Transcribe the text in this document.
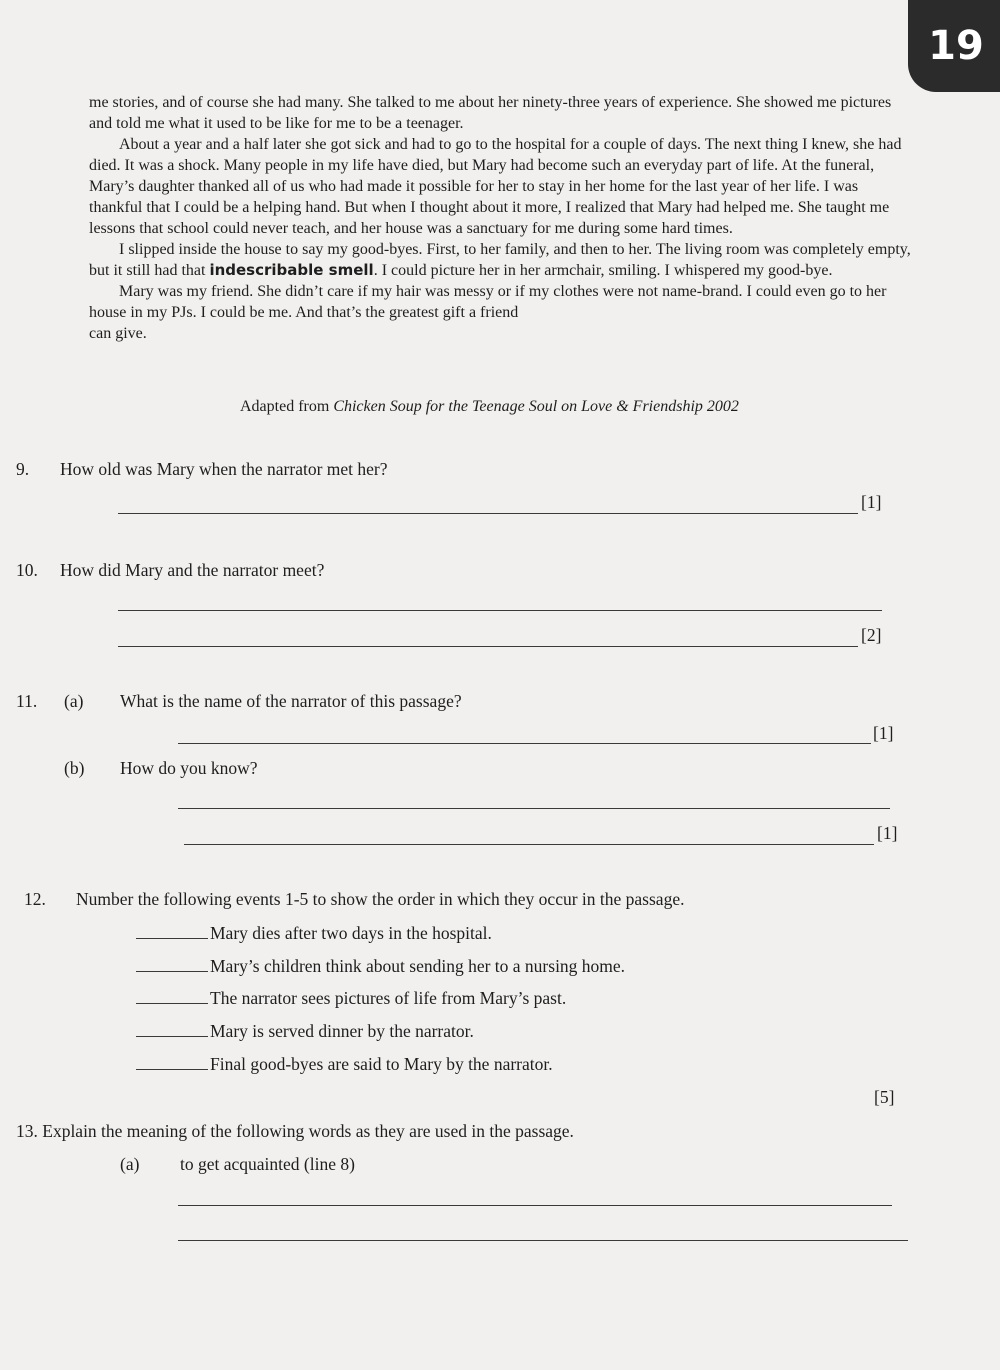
19

me stories, and of course she had many. She talked to me about her ninety-three years of experience. She showed me pictures and told me what it used to be like for me to be a teenager.

About a year and a half later she got sick and had to go to the hospital for a couple of days. The next thing I knew, she had died. It was a shock. Many people in my life have died, but Mary had become such an everyday part of life. At the funeral, Mary’s daughter thanked all of us who had made it possible for her to stay in her home for the last year of her life. I was thankful that I could be a helping hand. But when I thought about it more, I realized that Mary had helped me. She taught me lessons that school could never teach, and her house was a sanctuary for me during some hard times.

I slipped inside the house to say my good-byes. First, to her family, and then to her. The living room was completely empty, but it still had that indescribable smell. I could picture her in her armchair, smiling. I whispered my good-bye.

Mary was my friend. She didn’t care if my hair was messy or if my clothes were not name-brand. I could even go to her house in my PJs. I could be me. And that’s the greatest gift a friend
can give.

Adapted from Chicken Soup for the Teenage Soul on Love & Friendship 2002
9. How old was Mary when the narrator met her?
[1]
10. How did Mary and the narrator meet?
[2]
11. (a) What is the name of the narrator of this passage?
[1]
(b) How do you know?
[1]
12. Number the following events 1-5 to show the order in which they occur in the passage.
Mary dies after two days in the hospital.
Mary’s children think about sending her to a nursing home.
The narrator sees pictures of life from Mary’s past.
Mary is served dinner by the narrator.
Final good-byes are said to Mary by the narrator.
[5]
13. Explain the meaning of the following words as they are used in the passage.
(a) to get acquainted (line 8)
